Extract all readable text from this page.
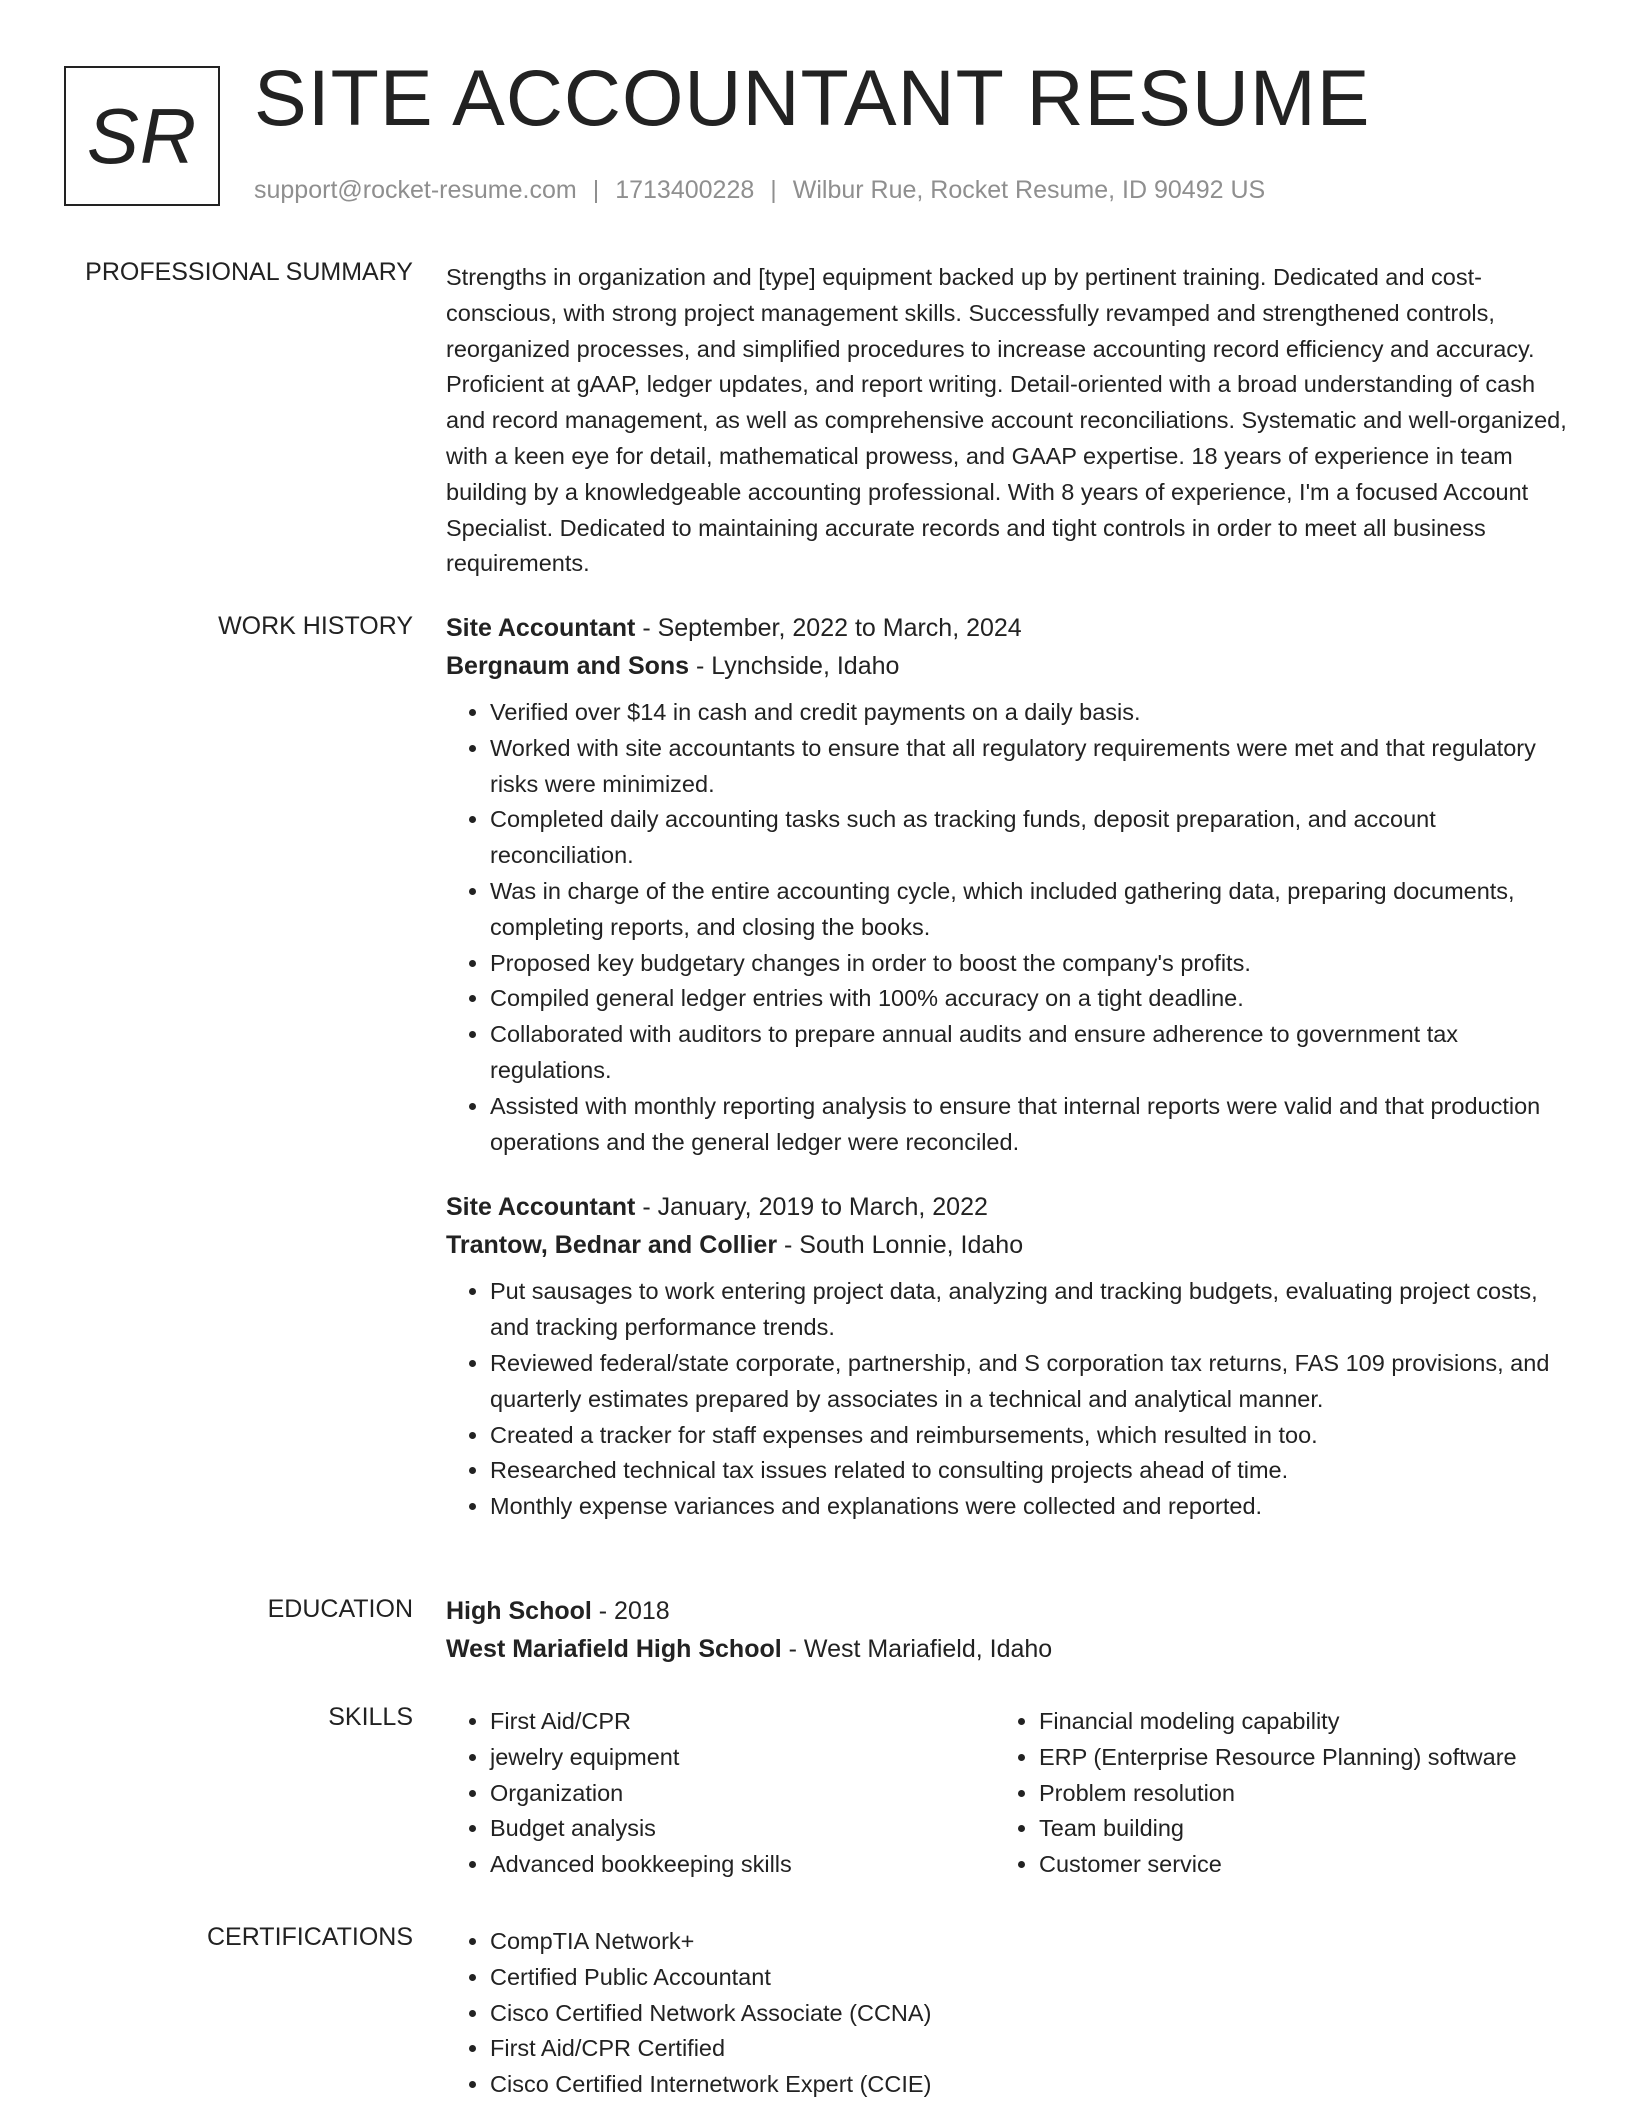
SR SITE ACCOUNTANT RESUME
support@rocket-resume.com | 1713400228 | Wilbur Rue, Rocket Resume, ID 90492 US
PROFESSIONAL SUMMARY Strengths in organization and [type] equipment backed up by pertinent training. Dedicated and cost-conscious, with strong project management skills. Successfully revamped and strengthened controls, reorganized processes, and simplified procedures to increase accounting record efficiency and accuracy. Proficient at gAAP, ledger updates, and report writing. Detail-oriented with a broad understanding of cash and record management, as well as comprehensive account reconciliations. Systematic and well-organized, with a keen eye for detail, mathematical prowess, and GAAP expertise. 18 years of experience in team building by a knowledgeable accounting professional. With 8 years of experience, I'm a focused Account Specialist. Dedicated to maintaining accurate records and tight controls in order to meet all business requirements.

WORK HISTORY Site Accountant - September, 2022 to March, 2024
Bergnaum and Sons - Lynchside, Idaho
• Verified over $14 in cash and credit payments on a daily basis.
• Worked with site accountants to ensure that all regulatory requirements were met and that regulatory risks were minimized.
• Completed daily accounting tasks such as tracking funds, deposit preparation, and account reconciliation.
• Was in charge of the entire accounting cycle, which included gathering data, preparing documents, completing reports, and closing the books.
• Proposed key budgetary changes in order to boost the company's profits.
• Compiled general ledger entries with 100% accuracy on a tight deadline.
• Collaborated with auditors to prepare annual audits and ensure adherence to government tax regulations.
• Assisted with monthly reporting analysis to ensure that internal reports were valid and that production operations and the general ledger were reconciled.
Site Accountant - January, 2019 to March, 2022
Trantow, Bednar and Collier - South Lonnie, Idaho
• Put sausages to work entering project data, analyzing and tracking budgets, evaluating project costs, and tracking performance trends.
• Reviewed federal/state corporate, partnership, and S corporation tax returns, FAS 109 provisions, and quarterly estimates prepared by associates in a technical and analytical manner.
• Created a tracker for staff expenses and reimbursements, which resulted in too.
• Researched technical tax issues related to consulting projects ahead of time.
• Monthly expense variances and explanations were collected and reported.
EDUCATION High School - 2018
West Mariafield High School - West Mariafield, Idaho
SKILLS	• First Aid/CPR
• jewelry equipment
• Organization
• Budget analysis
• Advanced bookkeeping skills
• Financial modeling capability
• ERP (Enterprise Resource Planning) software
• Problem resolution
• Team building
• Customer service
CERTIFICATIONS	• CompTIA Network+
• Certified Public Accountant
• Cisco Certified Network Associate (CCNA)
• First Aid/CPR Certified
• Cisco Certified Internetwork Expert (CCIE)
